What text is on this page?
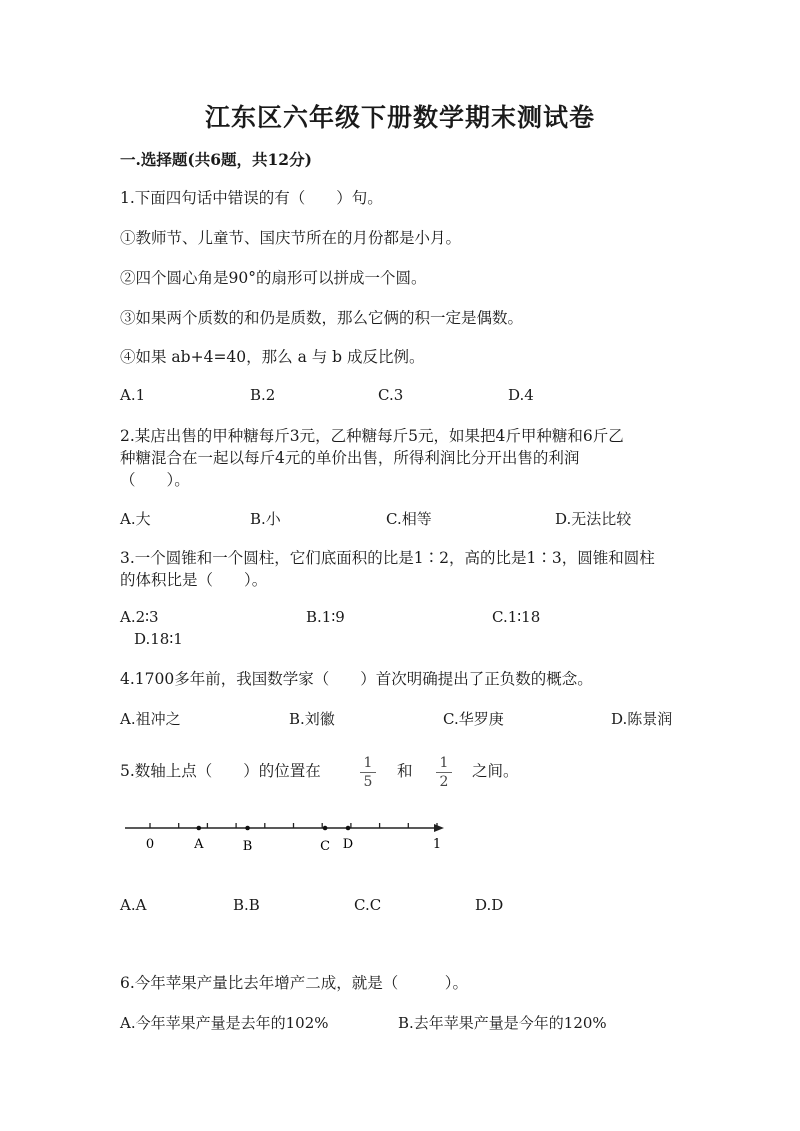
江东区六年级下册数学期末测试卷
一.选择题(共6题，共12分)
1.下面四句话中错误的有（　　）句。
①教师节、儿童节、国庆节所在的月份都是小月。
②四个圆心角是90°的扇形可以拼成一个圆。
③如果两个质数的和仍是质数，那么它俩的积一定是偶数。
④如果 ab+4=40，那么 a 与 b 成反比例。
A.1	B.2	C.3	D.4
2.某店出售的甲种糖每斤3元，乙种糖每斤5元，如果把4斤甲种糖和6斤乙
种糖混合在一起以每斤4元的单价出售，所得利润比分开出售的利润
（　　）。
A.大	B.小	C.相等	D.无法比较
3.一个圆锥和一个圆柱，它们底面积的比是1∶2，高的比是1∶3，圆锥和圆柱
的体积比是（　　）。
A.2∶3	B.1∶9	C.1∶18
D.18∶1
4.1700多年前，我国数学家（　　）首次明确提出了正负数的概念。
A.祖冲之	B.刘徽	C.华罗庚	D.陈景润
5.数轴上点（　　）的位置在	1
5
和 1
2
之间。
0	A	B	C D	1
A.A	B.B	C.C	D.D
6.今年苹果产量比去年增产二成，就是（　　　）。
A.今年苹果产量是去年的102%	B.去年苹果产量是今年的120%
